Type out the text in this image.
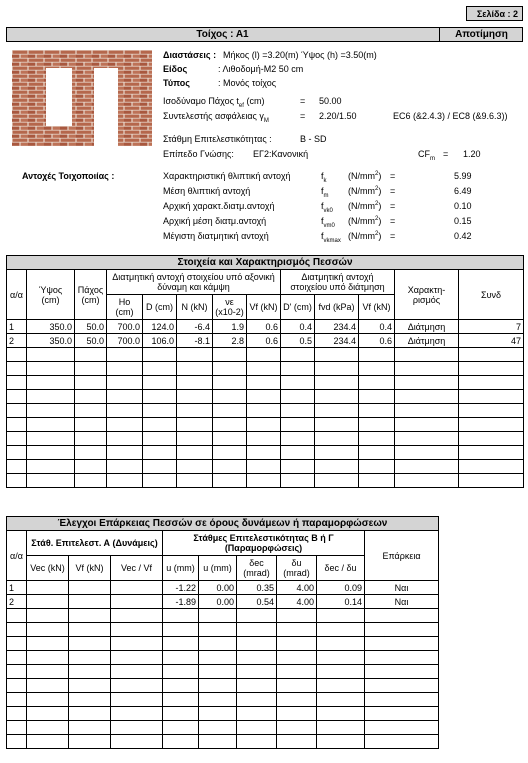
Σελίδα : 2
Τοίχος : Α1	Αποτίμηση
Διαστάσεις : Μήκος (l) =3.20(m) Ύψος (h) =3.50(m)
Είδος	: Λιθοδομή-M2 50 cm
Τύπος	: Μονός τοίχος
Ισοδύναμο Πάχος $t_{ef}$ (cm)	= 50.00
Συντελεστής ασφάλειας $\gamma_M$	= 2.20/1.50	EC6 (&2.4.3) / EC8 (&9.6.3))
Στάθμη Επιτελεστικότητας :	B - SD
Επίπεδο Γνώσης: ΕΓ2:Κανονική	$CF_m = 1.20$
Αντοχές Τοιχοποιίας :	Χαρακτηριστική θλιπτική αντοχή	$f_k$ $(N/mm^2)$ =	5.99
Μέση θλιπτική αντοχή	$f_m$ $(N/mm^2)$ =	6.49
Αρχική χαρακτ.διατμ.αντοχή	$f_{vk0}$ $(N/mm^2)$ =	0.10
Αρχική μέση διατμ.αντοχή	$f_{vm0}$ $(N/mm^2)$ =	0.15
Μέγιστη διατμητική αντοχή	$f_{vkmax}$ $(N/mm^2)$ =	0.42
Στοιχεία και Χαρακτηρισμός Πεσσών												
α/α	Ύψος (cm)	Πάχος (cm)	Διατμητική αντοχή στοιχείου υπό αξονική δύναμη και κάμψη					Διατμητική αντοχή στοιχείου υπό διάτμηση			Χαρακτη-ρισμός	Συνδ
			Hο (cm)	D (cm)	N (kN)	νε (x10-2)	Vf (kN)	D' (cm)	fvd (kPa)	Vf (kN)		
1	350.0	50.0	700.0	124.0	-6.4	1.9	0.6	0.4	234.4	0.4	Διάτμηση	7
2	350.0	50.0	700.0	106.0	-8.1	2.8	0.6	0.5	234.4	0.6	Διάτμηση	47

Έλεγχοι Επάρκειας Πεσσών σε όρους δυνάμεων ή παραμορφώσεων									
α/α	Στάθ. Επιτελεστ. Α (Δυνάμεις)			Στάθμες Επιτελεστικότητας Β ή Γ (Παραμορφώσεις)					Επάρκεια
	Vec (kN)	Vf (kN)	Vec / Vf	u (mm)	u (mm)	δec (mrad)	δu (mrad)	δec / δu	
1				-1.22	0.00	0.35	4.00	0.09	Ναι
2				-1.89	0.00	0.54	4.00	0.14	Ναι
